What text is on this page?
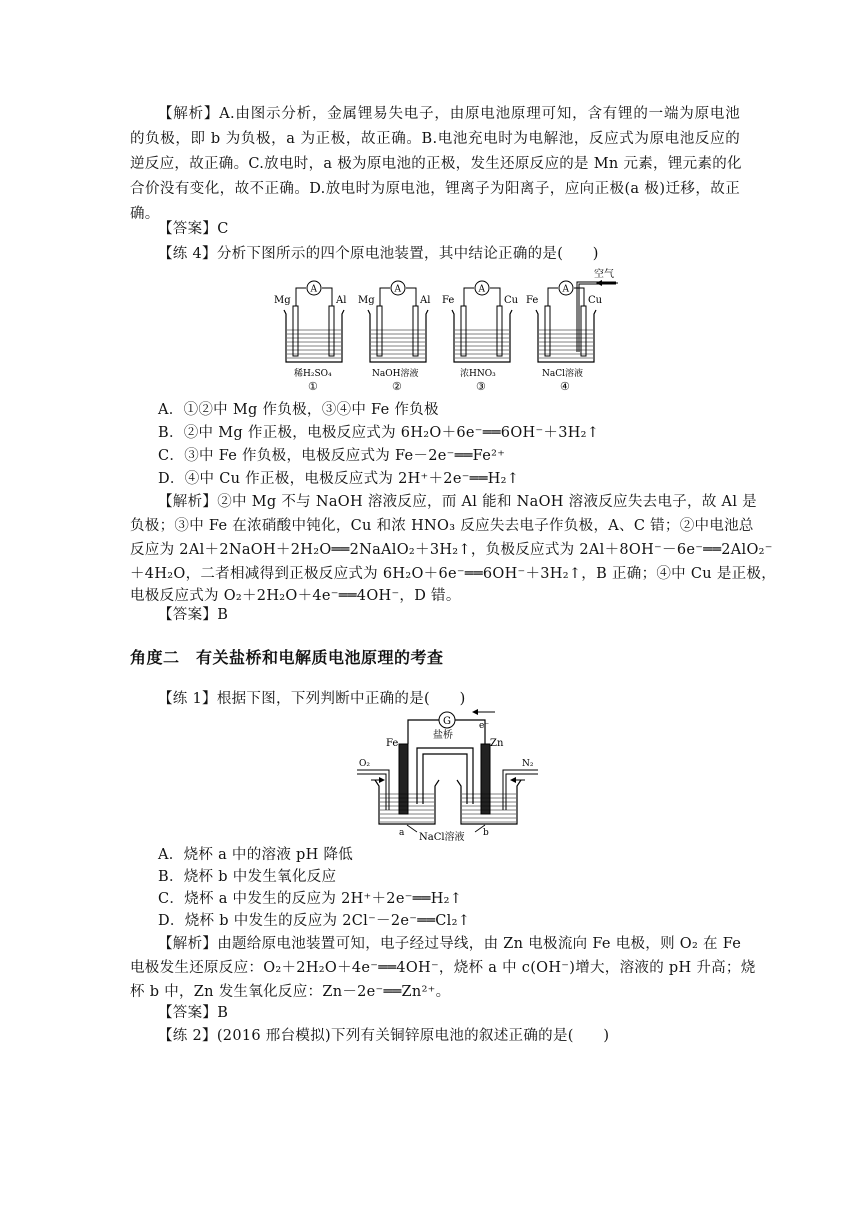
【解析】A.由图示分析，金属锂易失电子，由原电池原理可知，含有锂的一端为原电池
的负极，即 b 为负极，a 为正极，故正确。B.电池充电时为电解池，反应式为原电池反应的
逆反应，故正确。C.放电时，a 极为原电池的正极，发生还原反应的是 Mn 元素，锂元素的化
合价没有变化，故不正确。D.放电时为原电池，锂离子为阳离子，应向正极(a 极)迁移，故正
确。
【答案】C
【练 4】分析下图所示的四个原电池装置，其中结论正确的是(　　)
Mg	Al
A
稀H₂SO₄
①
Mg	Al
A
NaOH溶液
②
Fe	Cu
A
浓HNO₃
③
Fe	Cu
A
空气
NaCl溶液
④
A．①②中 Mg 作负极，③④中 Fe 作负极
B．②中 Mg 作正极，电极反应式为 6H₂O＋6e⁻══6OH⁻＋3H₂↑
C．③中 Fe 作负极，电极反应式为 Fe－2e⁻══Fe²⁺
D．④中 Cu 作正极，电极反应式为 2H⁺＋2e⁻══H₂↑
【解析】②中 Mg 不与 NaOH 溶液反应，而 Al 能和 NaOH 溶液反应失去电子，故 Al 是
负极；③中 Fe 在浓硝酸中钝化，Cu 和浓 HNO₃ 反应失去电子作负极，A、C 错；②中电池总
反应为 2Al＋2NaOH＋2H₂O══2NaAlO₂＋3H₂↑，负极反应式为 2Al＋8OH⁻－6e⁻══2AlO₂⁻
＋4H₂O，二者相减得到正极反应式为 6H₂O＋6e⁻══6OH⁻＋3H₂↑，B 正确；④中 Cu 是正极，
电极反应式为 O₂＋2H₂O＋4e⁻══4OH⁻，D 错。
【答案】B
角度二　有关盐桥和电解质电池原理的考查
【练 1】根据下图，下列判断中正确的是(　　)
G	e⁻
Fe	Zn
盐桥
O₂	N₂
a	b
NaCl溶液
A．烧杯 a 中的溶液 pH 降低
B．烧杯 b 中发生氧化反应
C．烧杯 a 中发生的反应为 2H⁺＋2e⁻══H₂↑
D．烧杯 b 中发生的反应为 2Cl⁻－2e⁻══Cl₂↑
【解析】由题给原电池装置可知，电子经过导线，由 Zn 电极流向 Fe 电极，则 O₂ 在 Fe
电极发生还原反应：O₂＋2H₂O＋4e⁻══4OH⁻，烧杯 a 中 c(OH⁻)增大，溶液的 pH 升高；烧
杯 b 中，Zn 发生氧化反应：Zn－2e⁻══Zn²⁺。
【答案】B
【练 2】(2016 邢台模拟)下列有关铜锌原电池的叙述正确的是(　　)
